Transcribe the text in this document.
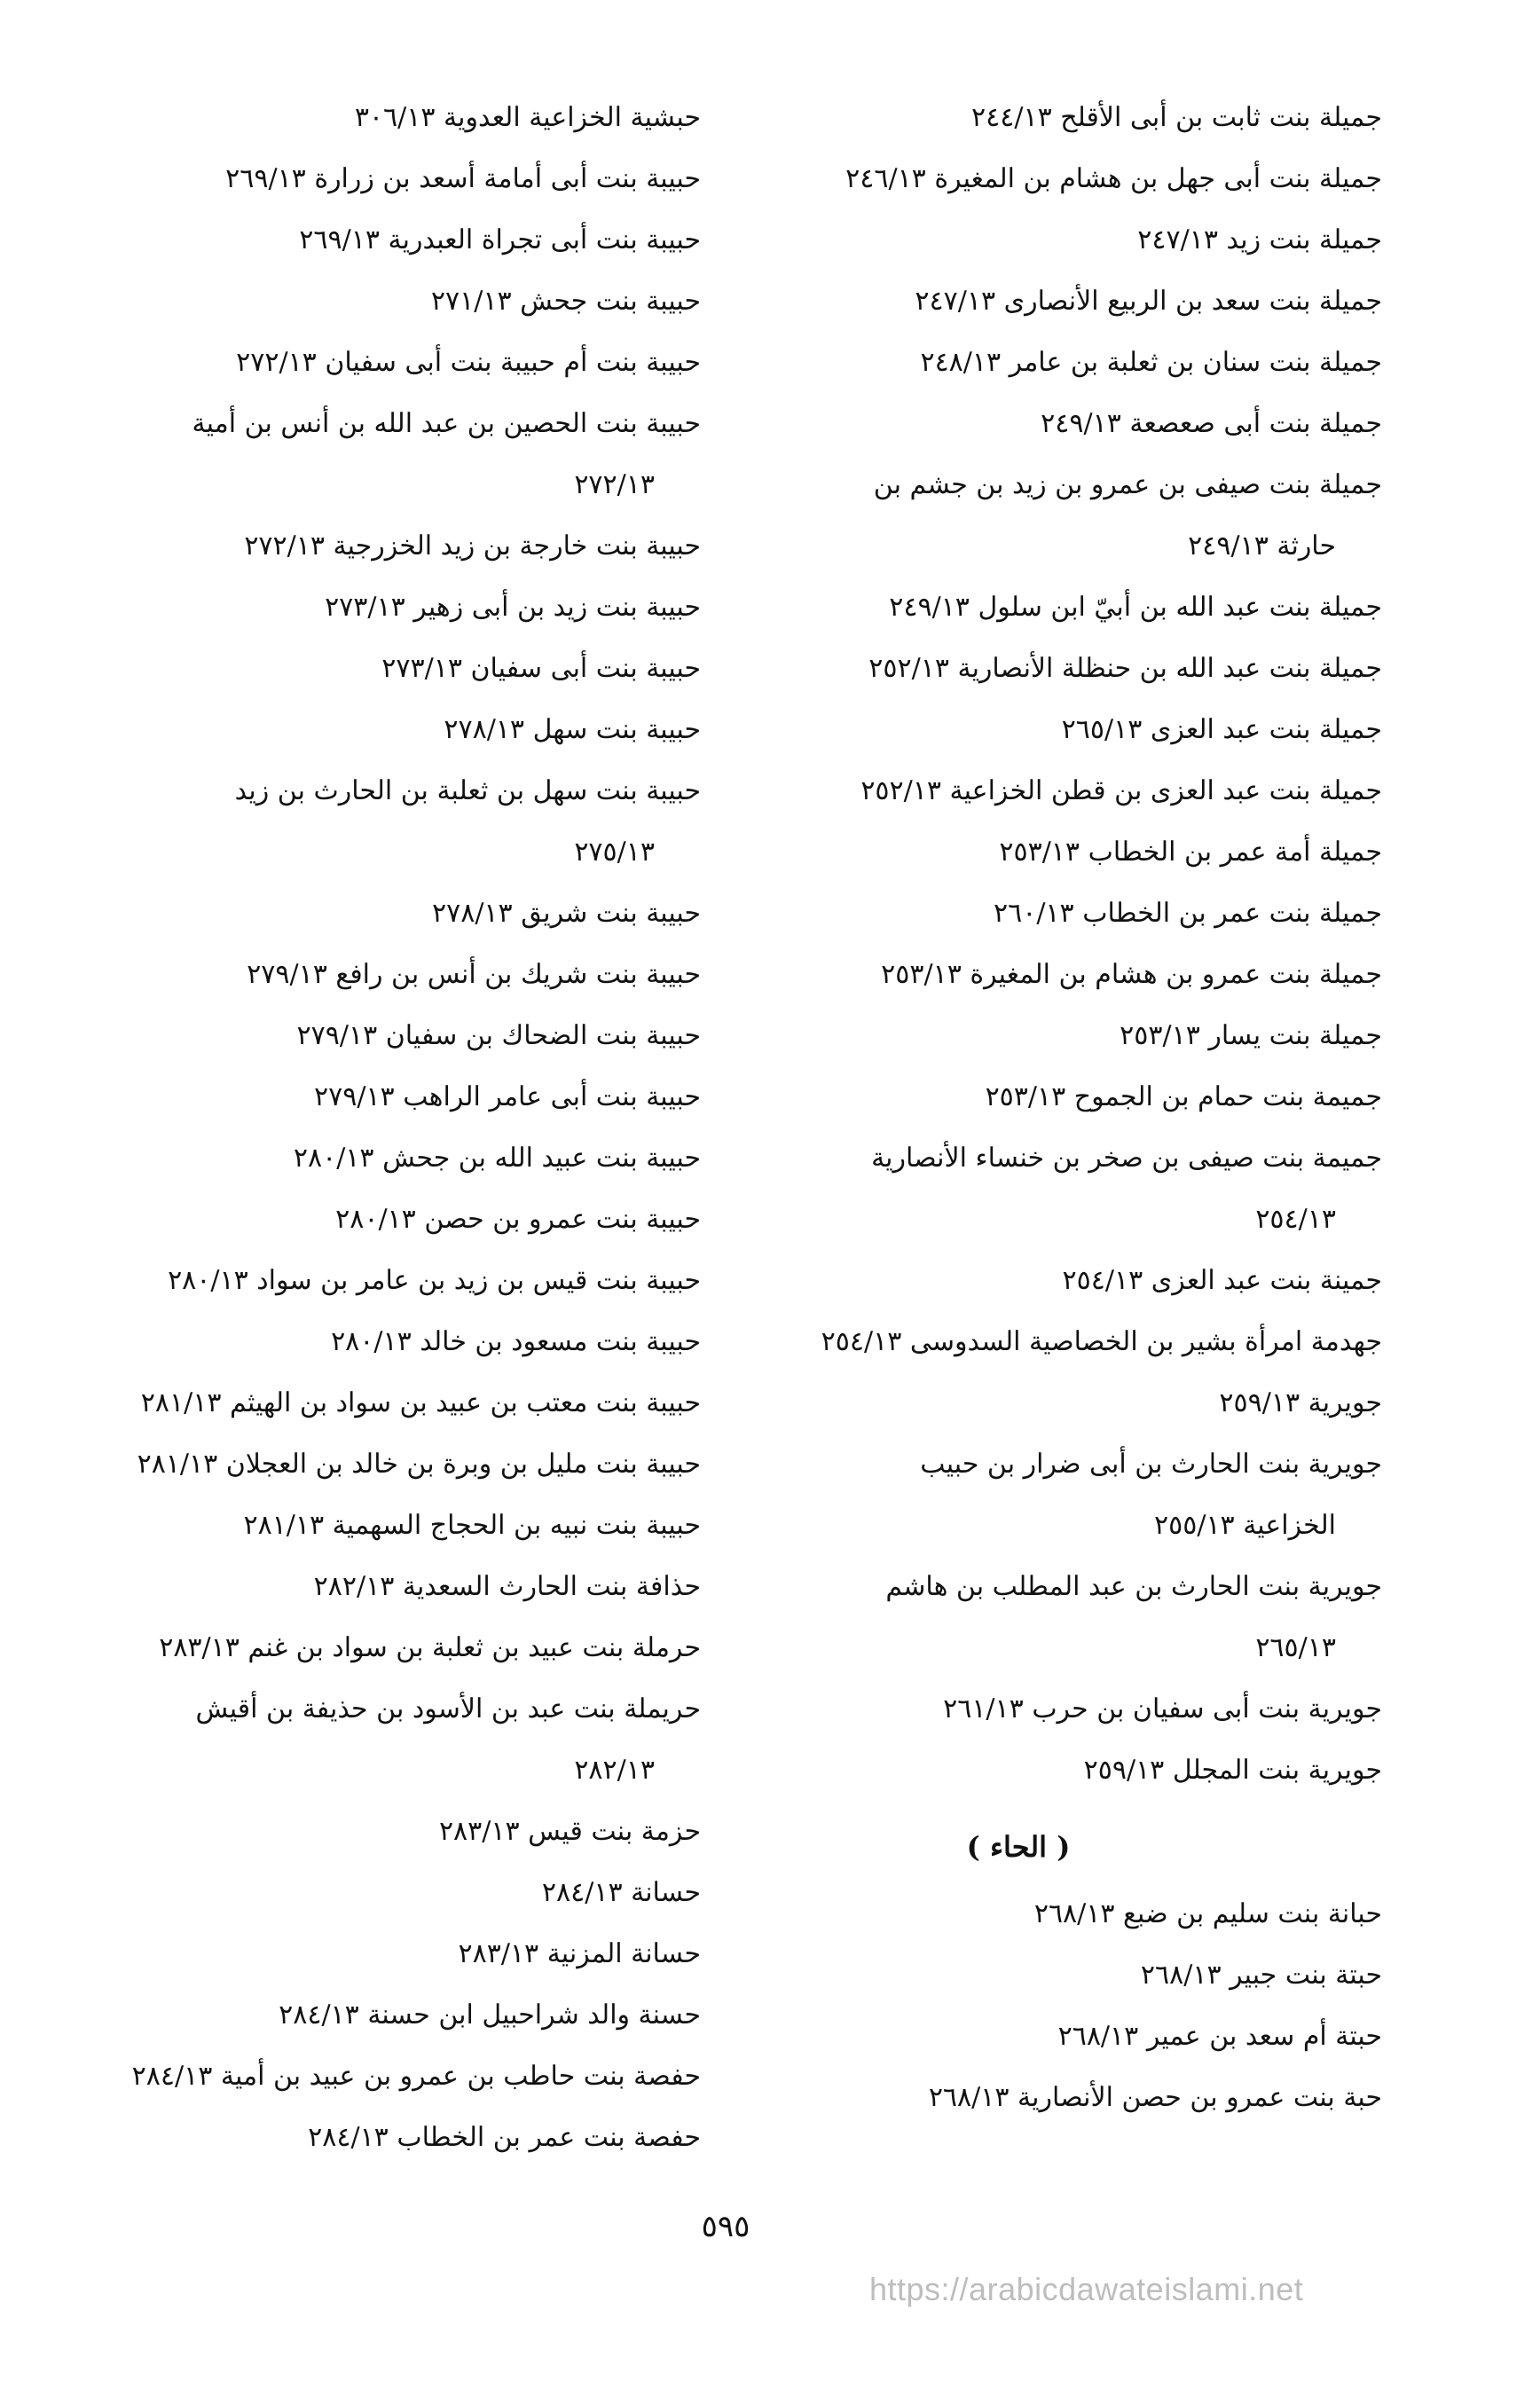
جميلة بنت ثابت بن أبى الأقلح ٢٤٤/١٣
جميلة بنت أبى جهل بن هشام بن المغيرة ٢٤٦/١٣
جميلة بنت زيد ٢٤٧/١٣
جميلة بنت سعد بن الربيع الأنصارى ٢٤٧/١٣
جميلة بنت سنان بن ثعلبة بن عامر ٢٤٨/١٣
جميلة بنت أبى صعصعة ٢٤٩/١٣
جميلة بنت صيفى بن عمرو بن زيد بن جشم بن
حارثة ٢٤٩/١٣
جميلة بنت عبد الله بن أبيّ ابن سلول ٢٤٩/١٣
جميلة بنت عبد الله بن حنظلة الأنصارية ٢٥٢/١٣
جميلة بنت عبد العزى ٢٦٥/١٣
جميلة بنت عبد العزى بن قطن الخزاعية ٢٥٢/١٣
جميلة أمة عمر بن الخطاب ٢٥٣/١٣
جميلة بنت عمر بن الخطاب ٢٦٠/١٣
جميلة بنت عمرو بن هشام بن المغيرة ٢٥٣/١٣
جميلة بنت يسار ٢٥٣/١٣
جميمة بنت حمام بن الجموح ٢٥٣/١٣
جميمة بنت صيفى بن صخر بن خنساء الأنصارية
٢٥٤/١٣
جمينة بنت عبد العزى ٢٥٤/١٣
جهدمة امرأة بشير بن الخصاصية السدوسى ٢٥٤/١٣
جويرية ٢٥٩/١٣
جويرية بنت الحارث بن أبى ضرار بن حبيب
الخزاعية ٢٥٥/١٣
جويرية بنت الحارث بن عبد المطلب بن هاشم
٢٦٥/١٣
جويرية بنت أبى سفيان بن حرب ٢٦١/١٣
جويرية بنت المجلل ٢٥٩/١٣
( الحاء )
حبانة بنت سليم بن ضبع ٢٦٨/١٣
حبتة بنت جبير ٢٦٨/١٣
حبتة أم سعد بن عمير ٢٦٨/١٣
حبة بنت عمرو بن حصن الأنصارية ٢٦٨/١٣
حبشية الخزاعية العدوية ٣٠٦/١٣
حبيبة بنت أبى أمامة أسعد بن زرارة ٢٦٩/١٣
حبيبة بنت أبى تجراة العبدرية ٢٦٩/١٣
حبيبة بنت جحش ٢٧١/١٣
حبيبة بنت أم حبيبة بنت أبى سفيان ٢٧٢/١٣
حبيبة بنت الحصين بن عبد الله بن أنس بن أمية
٢٧٢/١٣
حبيبة بنت خارجة بن زيد الخزرجية ٢٧٢/١٣
حبيبة بنت زيد بن أبى زهير ٢٧٣/١٣
حبيبة بنت أبى سفيان ٢٧٣/١٣
حبيبة بنت سهل ٢٧٨/١٣
حبيبة بنت سهل بن ثعلبة بن الحارث بن زيد
٢٧٥/١٣
حبيبة بنت شريق ٢٧٨/١٣
حبيبة بنت شريك بن أنس بن رافع ٢٧٩/١٣
حبيبة بنت الضحاك بن سفيان ٢٧٩/١٣
حبيبة بنت أبى عامر الراهب ٢٧٩/١٣
حبيبة بنت عبيد الله بن جحش ٢٨٠/١٣
حبيبة بنت عمرو بن حصن ٢٨٠/١٣
حبيبة بنت قيس بن زيد بن عامر بن سواد ٢٨٠/١٣
حبيبة بنت مسعود بن خالد ٢٨٠/١٣
حبيبة بنت معتب بن عبيد بن سواد بن الهيثم ٢٨١/١٣
حبيبة بنت مليل بن وبرة بن خالد بن العجلان ٢٨١/١٣
حبيبة بنت نبيه بن الحجاج السهمية ٢٨١/١٣
حذافة بنت الحارث السعدية ٢٨٢/١٣
حرملة بنت عبيد بن ثعلبة بن سواد بن غنم ٢٨٣/١٣
حريملة بنت عبد بن الأسود بن حذيفة بن أقيش
٢٨٢/١٣
حزمة بنت قيس ٢٨٣/١٣
حسانة ٢٨٤/١٣
حسانة المزنية ٢٨٣/١٣
حسنة والد شراحبيل ابن حسنة ٢٨٤/١٣
حفصة بنت حاطب بن عمرو بن عبيد بن أمية ٢٨٤/١٣
حفصة بنت عمر بن الخطاب ٢٨٤/١٣
٥٩٥
https://arabicdawateislami.net
